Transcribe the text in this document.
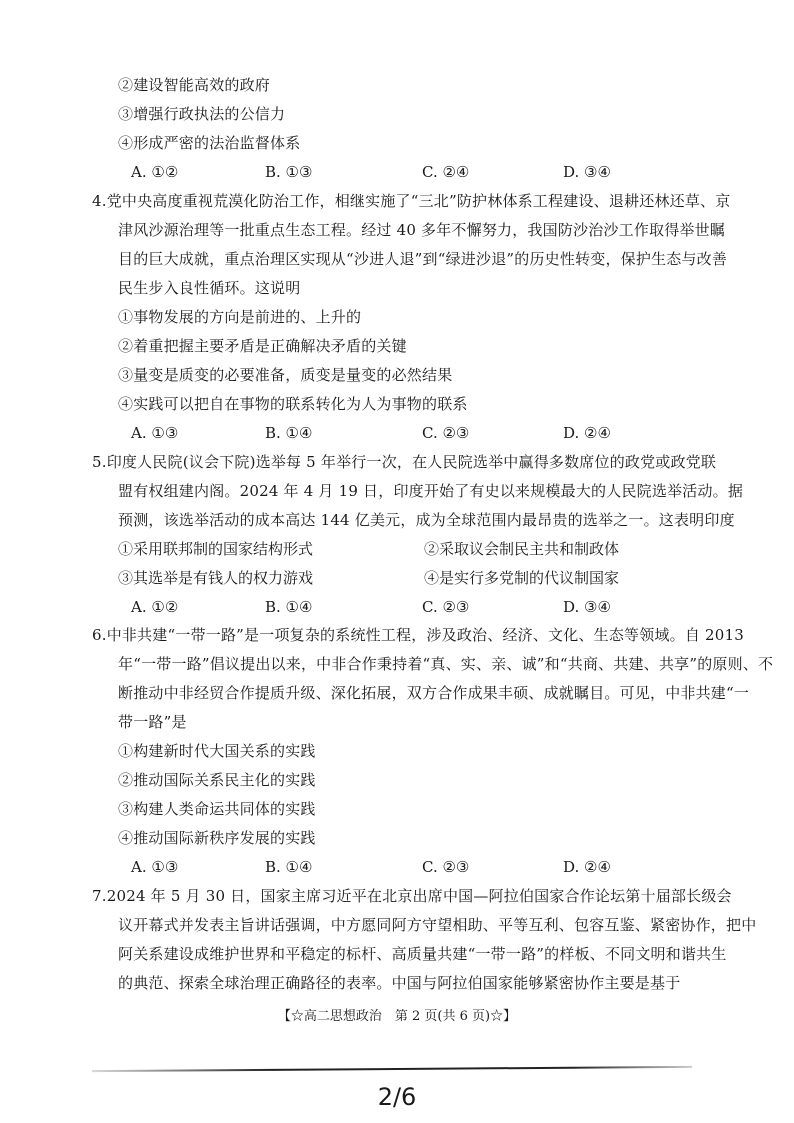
②建设智能高效的政府
③增强行政执法的公信力
④形成严密的法治监督体系
4.党中央高度重视荒漠化防治工作，相继实施了“三北”防护林体系工程建设、退耕还林还草、京
津风沙源治理等一批重点生态工程。经过 40 多年不懈努力，我国防沙治沙工作取得举世瞩
目的巨大成就，重点治理区实现从“沙进人退”到“绿进沙退”的历史性转变，保护生态与改善
民生步入良性循环。这说明
①事物发展的方向是前进的、上升的
②着重把握主要矛盾是正确解决矛盾的关键
③量变是质变的必要准备，质变是量变的必然结果
④实践可以把自在事物的联系转化为人为事物的联系
5.印度人民院(议会下院)选举每 5 年举行一次，在人民院选举中赢得多数席位的政党或政党联
盟有权组建内阁。2024 年 4 月 19 日，印度开始了有史以来规模最大的人民院选举活动。据
预测，该选举活动的成本高达 144 亿美元，成为全球范围内最昂贵的选举之一。这表明印度
6.中非共建“一带一路”是一项复杂的系统性工程，涉及政治、经济、文化、生态等领域。自 2013
年“一带一路”倡议提出以来，中非合作秉持着“真、实、亲、诚”和“共商、共建、共享”的原则、不
断推动中非经贸合作提质升级、深化拓展，双方合作成果丰硕、成就瞩目。可见，中非共建“一
带一路”是
①构建新时代大国关系的实践
②推动国际关系民主化的实践
③构建人类命运共同体的实践
④推动国际新秩序发展的实践
7.2024 年 5 月 30 日，国家主席习近平在北京出席中国—阿拉伯国家合作论坛第十届部长级会
议开幕式并发表主旨讲话强调，中方愿同阿方守望相助、平等互利、包容互鉴、紧密协作，把中
阿关系建设成维护世界和平稳定的标杆、高质量共建“一带一路”的样板、不同文明和谐共生
的典范、探索全球治理正确路径的表率。中国与阿拉伯国家能够紧密协作主要是基于
A. ①②	B. ①③	C. ②④	D. ③④
A. ①③	B. ①④	C. ②③	D. ②④
①采用联邦制的国家结构形式	②采取议会制民主共和制政体
③其选举是有钱人的权力游戏	④是实行多党制的代议制国家
A. ①②	B. ①④	C. ②③	D. ③④
A. ①③	B. ①④	C. ②③	D. ②④
【☆高二思想政治　第 2 页(共 6 页)☆】
2/6
